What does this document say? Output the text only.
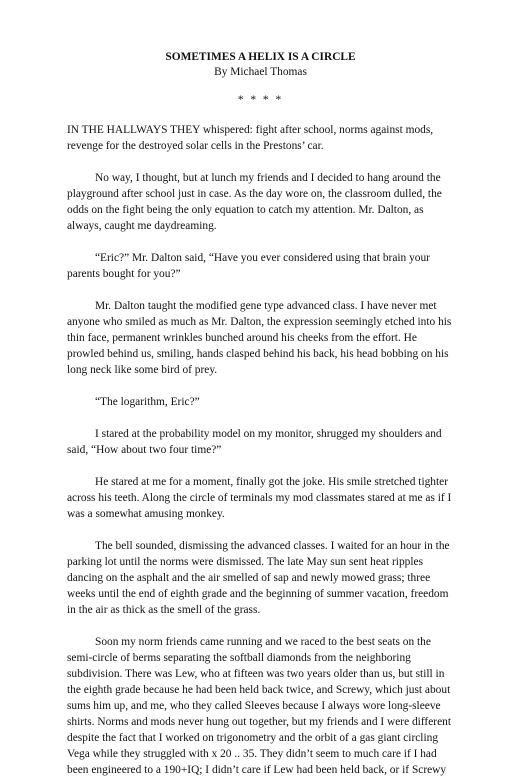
SOMETIMES A HELIX IS A CIRCLE

By Michael Thomas

* * * *

IN THE HALLWAYS THEY whispered: fight after school, norms against mods, revenge for the destroyed solar cells in the Prestons’ car.

No way, I thought, but at lunch my friends and I decided to hang around the playground after school just in case. As the day wore on, the classroom dulled, the odds on the fight being the only equation to catch my attention. Mr. Dalton, as always, caught me daydreaming.

“Eric?” Mr. Dalton said, “Have you ever considered using that brain your parents bought for you?”

Mr. Dalton taught the modified gene type advanced class. I have never met anyone who smiled as much as Mr. Dalton, the expression seemingly etched into his thin face, permanent wrinkles bunched around his cheeks from the effort. He prowled behind us, smiling, hands clasped behind his back, his head bobbing on his long neck like some bird of prey.

“The logarithm, Eric?”

I stared at the probability model on my monitor, shrugged my shoulders and said, “How about two four time?”

He stared at me for a moment, finally got the joke. His smile stretched tighter across his teeth. Along the circle of terminals my mod classmates stared at me as if I was a somewhat amusing monkey.

The bell sounded, dismissing the advanced classes. I waited for an hour in the parking lot until the norms were dismissed. The late May sun sent heat ripples dancing on the asphalt and the air smelled of sap and newly mowed grass; three weeks until the end of eighth grade and the beginning of summer vacation, freedom in the air as thick as the smell of the grass.

Soon my norm friends came running and we raced to the best seats on the semi-circle of berms separating the softball diamonds from the neighboring subdivision. There was Lew, who at fifteen was two years older than us, but still in the eighth grade because he had been held back twice, and Screwy, which just about sums him up, and me, who they called Sleeves because I always wore long-sleeve shirts. Norms and mods never hung out together, but my friends and I were different despite the fact that I worked on trigonometry and the orbit of a gas giant circling Vega while they struggled with x 20 .. 35. They didn’t seem to much care if I had been engineered to a 190+IQ; I didn’t care if Lew had been held back, or if Screwy
